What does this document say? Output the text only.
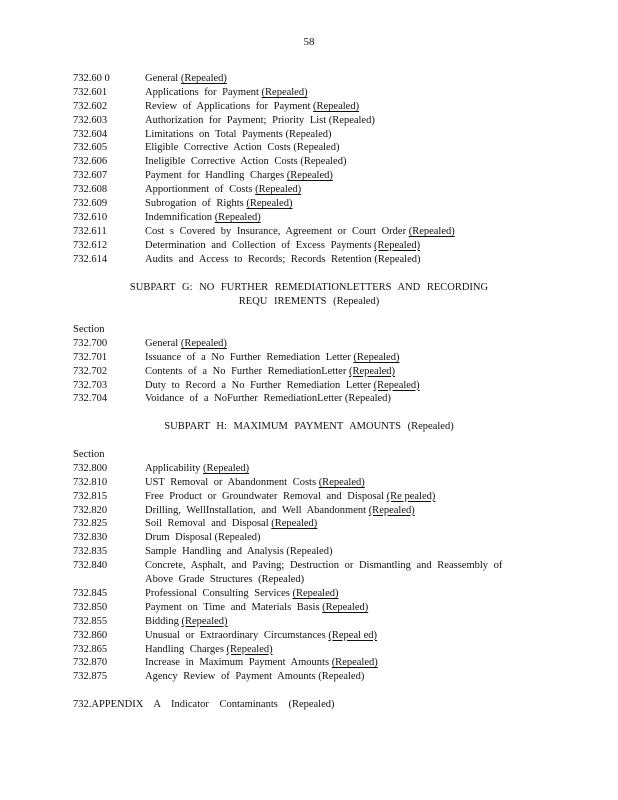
58
732.60 0	General (Repealed)
732.601	Applications for Payment (Repealed)
732.602	Review of Applications for Payment (Repealed)
732.603	Authorization for Payment; Priority List (Repealed)
732.604	Limitations on Total Payments (Repealed)
732.605	Eligible Corrective Action Costs (Repealed)
732.606	Ineligible Corrective Action Costs (Repealed)
732.607	Payment for Handling Charges (Repealed)
732.608	Apportionment of Costs (Repealed)
732.609	Subrogation of Rights (Repealed)
732.610	Indemnification (Repealed)
732.611	Cost s Covered by Insurance, Agreement or Court Order (Repealed)
732.612	Determination and Collection of Excess Payments (Repealed)
732.614	Audits and Access to Records; Records Retention (Repealed)
SUBPART G: NO FURTHER REMEDIATIONLETTERS AND RECORDING
REQU IREMENTS (Repealed)
Section
732.700	General (Repealed)
732.701	Issuance of a No Further Remediation Letter (Repealed)
732.702	Contents of a No Further RemediationLetter (Repealed)
732.703	Duty to Record a No Further Remediation Letter (Repealed)
732.704	Voidance of a NoFurther RemediationLetter (Repealed)
SUBPART H: MAXIMUM PAYMENT AMOUNTS (Repealed)
Section
732.800	Applicability (Repealed)
732.810	UST Removal or Abandonment Costs (Repealed)
732.815	Free Product or Groundwater Removal and Disposal (Re pealed)
732.820	Drilling, WellInstallation, and Well Abandonment (Repealed)
732.825	Soil Removal and Disposal (Repealed)
732.830	Drum Disposal (Repealed)
732.835	Sample Handling and Analysis (Repealed)
732.840	Concrete, Asphalt, and Paving; Destruction or Dismantling and Reassembly of Above Grade Structures (Repealed)
732.845	Professional Consulting Services (Repealed)
732.850	Payment on Time and Materials Basis (Repealed)
732.855	Bidding (Repealed)
732.860	Unusual or Extraordinary Circumstances (Repeal ed)
732.865	Handling Charges (Repealed)
732.870	Increase in Maximum Payment Amounts (Repealed)
732.875	Agency Review of Payment Amounts (Repealed)
732.APPENDIX A Indicator Contaminants (Repealed)
